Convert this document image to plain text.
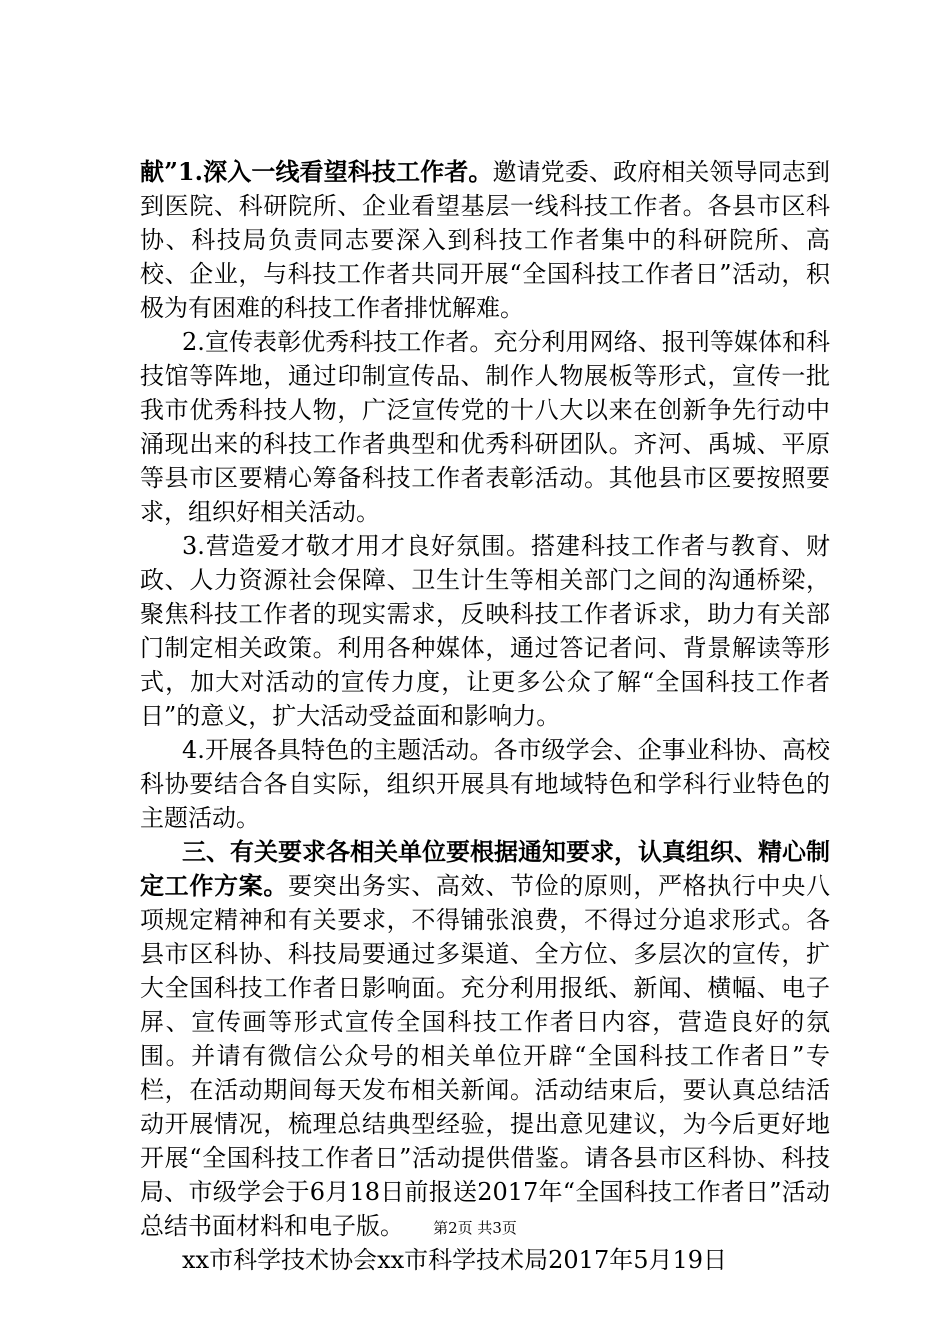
献”1.深入一线看望科技工作者。邀请党委、政府相关领导同志到到医院、科研院所、企业看望基层一线科技工作者。各县市区科协、科技局负责同志要深入到科技工作者集中的科研院所、高校、企业，与科技工作者共同开展“全国科技工作者日”活动，积极为有困难的科技工作者排忧解难。

2.宣传表彰优秀科技工作者。充分利用网络、报刊等媒体和科技馆等阵地，通过印制宣传品、制作人物展板等形式，宣传一批我市优秀科技人物，广泛宣传党的十八大以来在创新争先行动中涌现出来的科技工作者典型和优秀科研团队。齐河、禹城、平原等县市区要精心筹备科技工作者表彰活动。其他县市区要按照要求，组织好相关活动。

3.营造爱才敬才用才良好氛围。搭建科技工作者与教育、财政、人力资源社会保障、卫生计生等相关部门之间的沟通桥梁，聚焦科技工作者的现实需求，反映科技工作者诉求，助力有关部门制定相关政策。利用各种媒体，通过答记者问、背景解读等形式，加大对活动的宣传力度，让更多公众了解“全国科技工作者日”的意义，扩大活动受益面和影响力。

4.开展各具特色的主题活动。各市级学会、企事业科协、高校科协要结合各自实际，组织开展具有地域特色和学科行业特色的主题活动。

三、有关要求各相关单位要根据通知要求，认真组织、精心制定工作方案。要突出务实、高效、节俭的原则，严格执行中央八项规定精神和有关要求，不得铺张浪费，不得过分追求形式。各县市区科协、科技局要通过多渠道、全方位、多层次的宣传，扩大全国科技工作者日影响面。充分利用报纸、新闻、横幅、电子屏、宣传画等形式宣传全国科技工作者日内容，营造良好的氛围。并请有微信公众号的相关单位开辟“全国科技工作者日”专栏，在活动期间每天发布相关新闻。活动结束后，要认真总结活动开展情况，梳理总结典型经验，提出意见建议，为今后更好地开展“全国科技工作者日”活动提供借鉴。请各县市区科协、科技局、市级学会于6月18日前报送2017年“全国科技工作者日”活动总结书面材料和电子版。

xx市科学技术协会xx市科学技术局2017年5月19日

第2页 共3页
